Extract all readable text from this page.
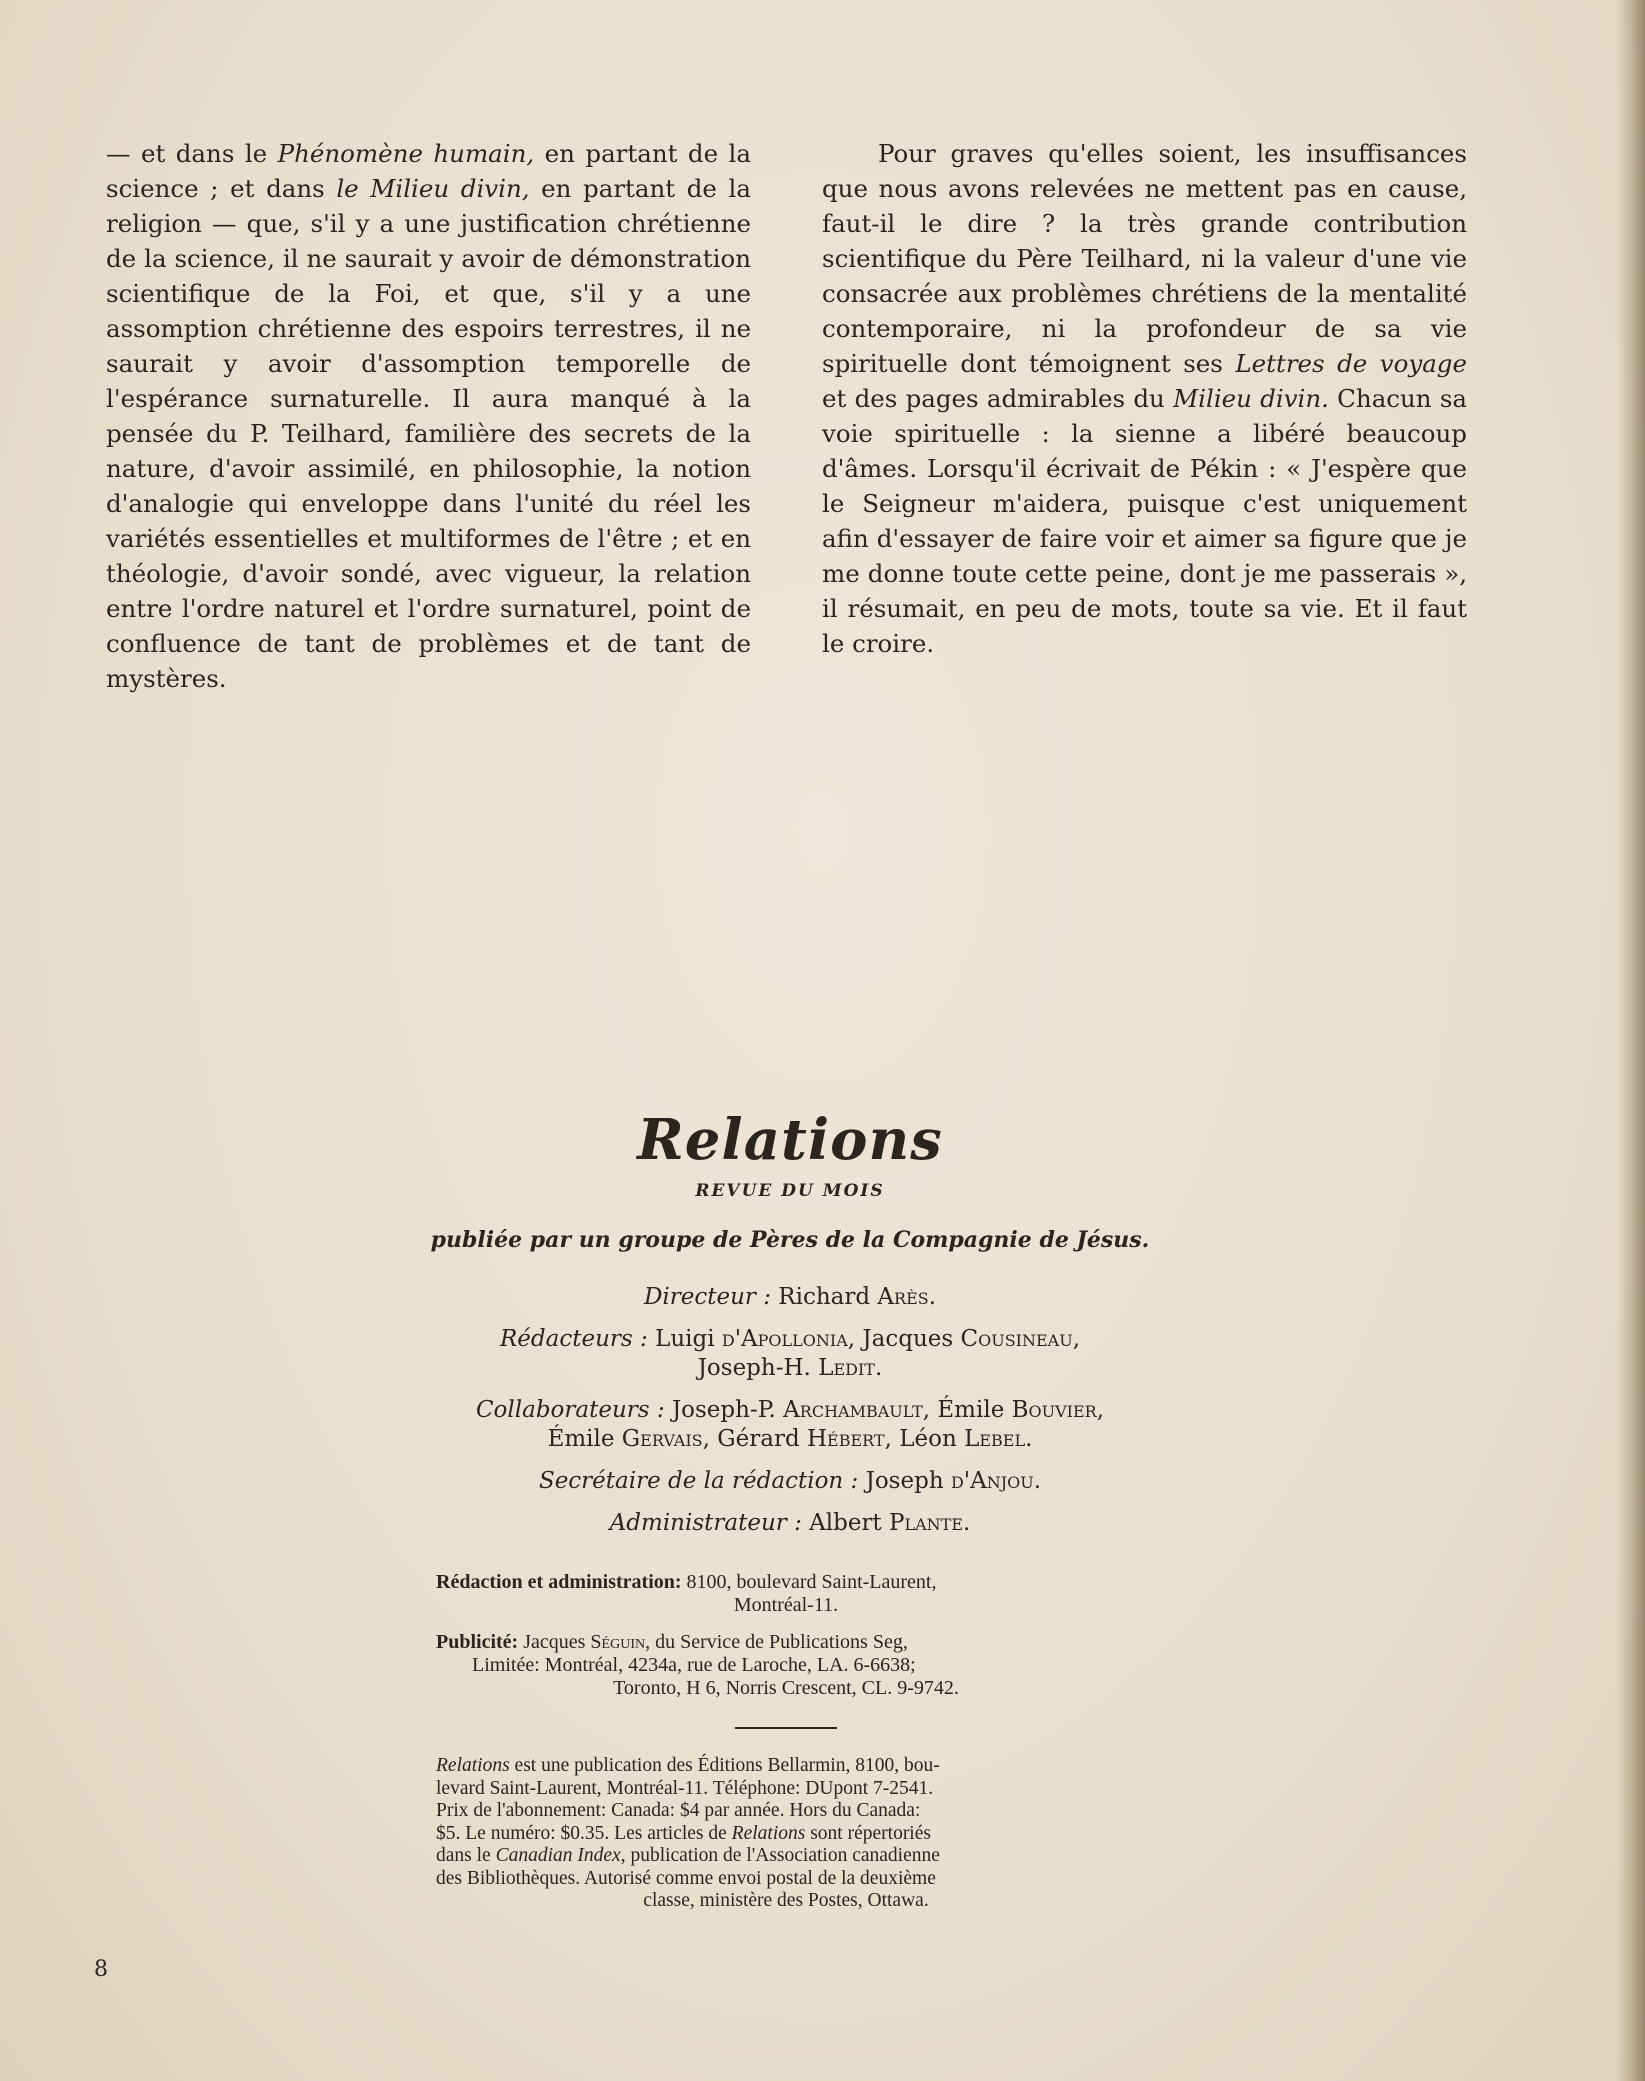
— et dans le Phénomène humain, en partant de la science ; et dans le Milieu divin, en partant de la religion — que, s'il y a une justification chrétienne de la science, il ne saurait y avoir de démonstration scientifique de la Foi, et que, s'il y a une assomption chrétienne des espoirs terrestres, il ne saurait y avoir d'assomption temporelle de l'espérance surnaturelle. Il aura manqué à la pensée du P. Teilhard, familière des secrets de la nature, d'avoir assimilé, en philosophie, la notion d'analogie qui enveloppe dans l'unité du réel les variétés essentielles et multiformes de l'être ; et en théologie, d'avoir sondé, avec vigueur, la relation entre l'ordre naturel et l'ordre surnaturel, point de confluence de tant de problèmes et de tant de mystères.

Pour graves qu'elles soient, les insuffisances que nous avons relevées ne mettent pas en cause, faut-il le dire ? la très grande contribution scientifique du Père Teilhard, ni la valeur d'une vie consacrée aux problèmes chrétiens de la mentalité contemporaire, ni la profondeur de sa vie spirituelle dont témoignent ses Lettres de voyage et des pages admirables du Milieu divin. Chacun sa voie spirituelle : la sienne a libéré beaucoup d'âmes. Lorsqu'il écrivait de Pékin : « J'espère que le Seigneur m'aidera, puisque c'est uniquement afin d'essayer de faire voir et aimer sa figure que je me donne toute cette peine, dont je me passerais », il résumait, en peu de mots, toute sa vie. Et il faut le croire.

Relations
REVUE DU MOIS
publiée par un groupe de Pères de la Compagnie de Jésus.
Directeur : Richard Arès.
Rédacteurs : Luigi d'Apollonia, Jacques Cousineau,
Joseph-H. Ledit.
Collaborateurs : Joseph-P. Archambault, Émile Bouvier,
Émile Gervais, Gérard Hébert, Léon Lebel.
Secrétaire de la rédaction : Joseph d'Anjou.
Administrateur : Albert Plante.
Rédaction et administration: 8100, boulevard Saint-Laurent,
Montréal-11.
Publicité: Jacques Séguin, du Service de Publications Seg,
Limitée: Montréal, 4234a, rue de Laroche, LA. 6-6638;
Toronto, H 6, Norris Crescent, CL. 9-9742.
Relations est une publication des Éditions Bellarmin, 8100, bou-
levard Saint-Laurent, Montréal-11. Téléphone: DUpont 7-2541.
Prix de l'abonnement: Canada: $4 par année. Hors du Canada:
$5. Le numéro: $0.35. Les articles de Relations sont répertoriés
dans le Canadian Index, publication de l'Association canadienne
des Bibliothèques. Autorisé comme envoi postal de la deuxième
classe, ministère des Postes, Ottawa.
8
